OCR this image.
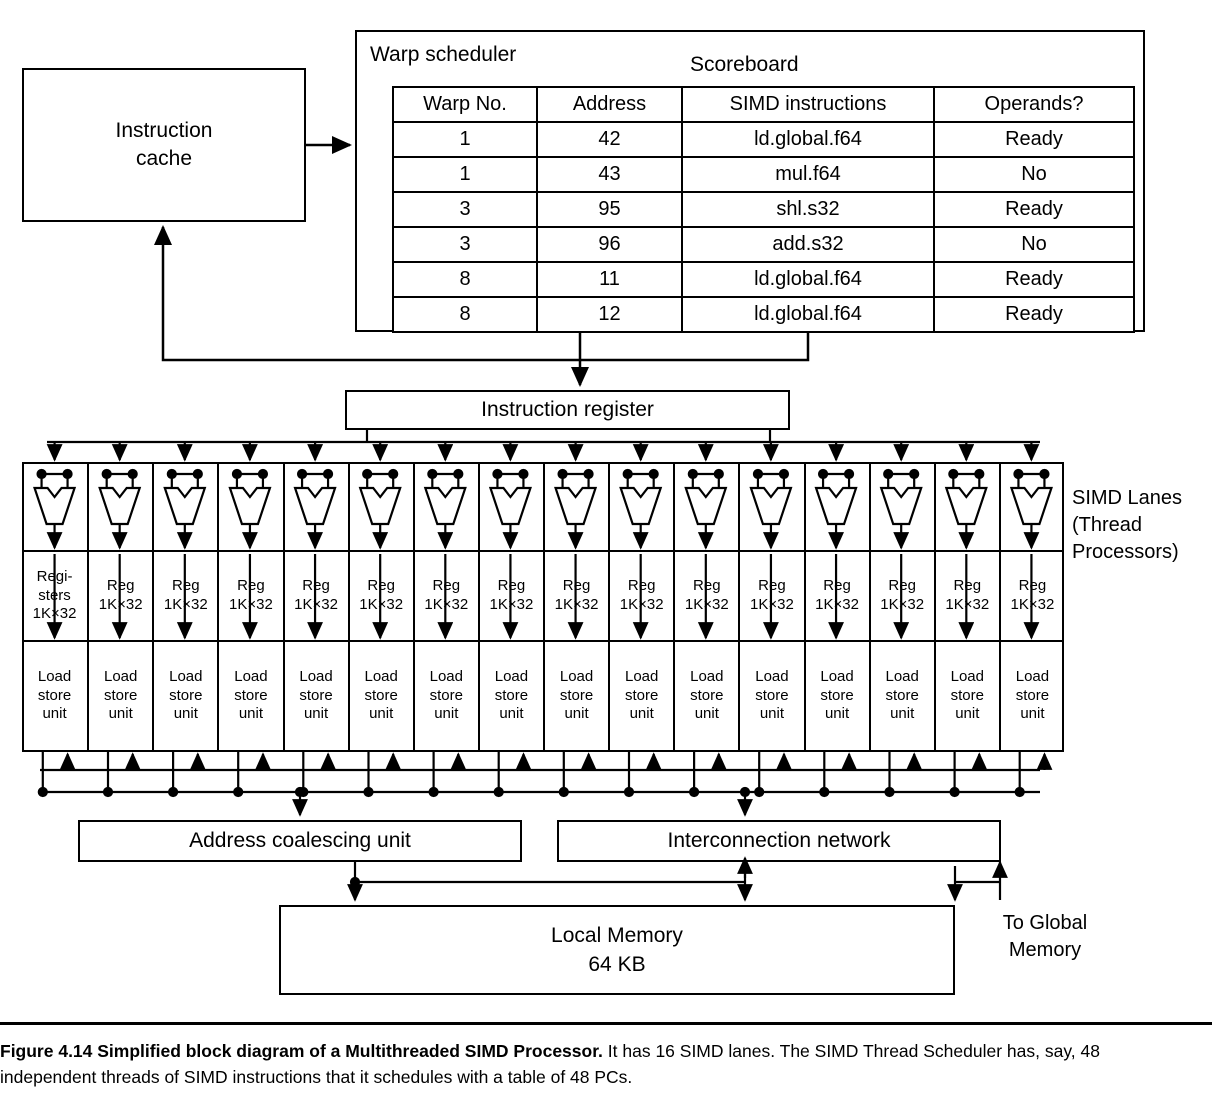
Instruction
cache
Warp scheduler	Scoreboard
Warp No.	Address	SIMD instructions	Operands?
1	42	ld.global.f64	Ready
1	43	mul.f64	No
3	95	shl.s32	Ready
3	96	add.s32	No
8	11	ld.global.f64	Ready
8	12	ld.global.f64	Ready
Instruction register
Regi-
sters
1K×32
Load
store
unit
Reg
1K×32
Load
store
unit
Reg
1K×32
Load
store
unit
Reg
1K×32
Load
store
unit
Reg
1K×32
Load
store
unit
Reg
1K×32
Load
store
unit
Reg
1K×32
Load
store
unit
Reg
1K×32
Load
store
unit
Reg
1K×32
Load
store
unit
Reg
1K×32
Load
store
unit
Reg
1K×32
Load
store
unit
Reg
1K×32
Load
store
unit
Reg
1K×32
Load
store
unit
Reg
1K×32
Load
store
unit
Reg
1K×32
Load
store
unit
Reg
1K×32
Load
store
unit
SIMD Lanes
(Thread
Processors)
Address coalescing unit	Interconnection network
Local Memory
64 KB
To Global
Memory
Figure 4.14 Simplified block diagram of a Multithreaded SIMD Processor. It has 16 SIMD lanes. The SIMD Thread Scheduler has, say, 48 independent threads of SIMD instructions that it schedules with a table of 48 PCs.
